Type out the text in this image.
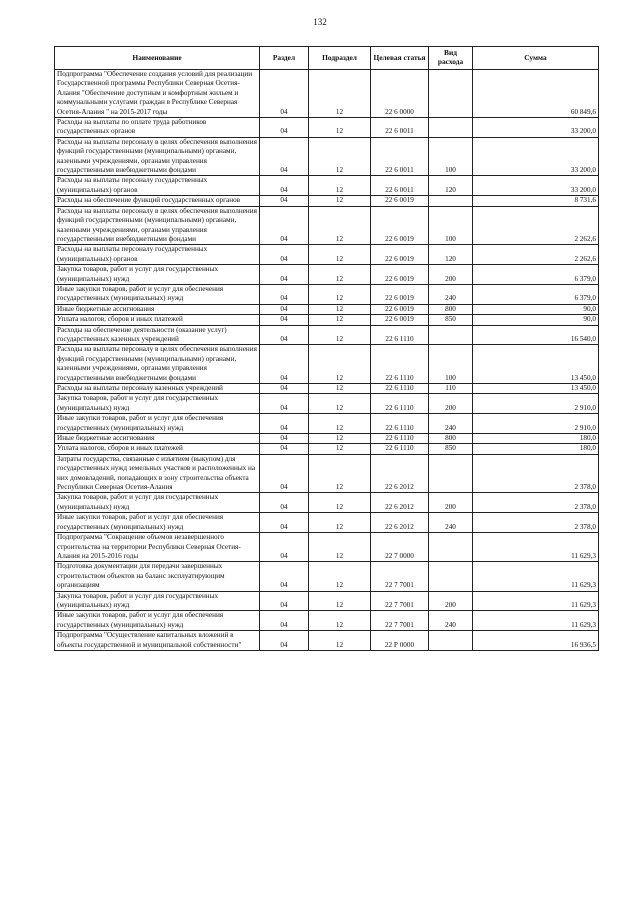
132
Наименование	Раздел	Подраздел	Целевая статья	Вид расхода	Сумма
Подпрограмма "Обеспечение создания условий для реализации Государственной программы Республики Северная Осетия-Алания "Обеспечение доступным и комфортным жильем и коммунальными услугами граждан в Республике Северная Осетия-Алания " на 2015-2017 годы	04	12	22 6 0000		60 849,6
Расходы на выплаты по оплате труда работников государственных органов	04	12	22 6 0011		33 200,0
Расходы на выплаты персоналу в целях обеспечения выполнения функций государственными (муниципальными) органами, казенными учреждениями, органами управления государственными внебюджетными фондами	04	12	22 6 0011	100	33 200,0
Расходы на выплаты персоналу государственных (муниципальных) органов	04	12	22 6 0011	120	33 200,0
Расходы на обеспечение функций государственных органов	04	12	22 6 0019		8 731,6
Расходы на выплаты персоналу в целях обеспечения выполнения функций государственными (муниципальными) органами, казенными учреждениями, органами управления государственными внебюджетными фондами	04	12	22 6 0019	100	2 262,6
Расходы на выплаты персоналу государственных (муниципальных) органов	04	12	22 6 0019	120	2 262,6
Закупка товаров, работ и услуг для государственных (муниципальных) нужд	04	12	22 6 0019	200	6 379,0
Иные закупки товаров, работ и услуг для обеспечения государственных (муниципальных) нужд	04	12	22 6 0019	240	6 379,0
Иные бюджетные ассигнования	04	12	22 6 0019	800	90,0
Уплата налогов, сборов и иных платежей	04	12	22 6 0019	850	90,0
Расходы на обеспечение деятельности (оказание услуг) государственных казенных учреждений	04	12	22 6 1110		16 540,0
Расходы на выплаты персоналу в целях обеспечения выполнения функций государственными (муниципальными) органами, казенными учреждениями, органами управления государственными внебюджетными фондами	04	12	22 6 1110	100	13 450,0
Расходы на выплаты персоналу казенных учреждений	04	12	22 6 1110	110	13 450,0
Закупка товаров, работ и услуг для государственных (муниципальных) нужд	04	12	22 6 1110	200	2 910,0
Иные закупки товаров, работ и услуг для обеспечения государственных (муниципальных) нужд	04	12	22 6 1110	240	2 910,0
Иные бюджетные ассигнования	04	12	22 6 1110	800	180,0
Уплата налогов, сборов и иных платежей	04	12	22 6 1110	850	180,0
Затраты государства, связанные с изъятием (выкупом) для государственных нужд земельных участков и расположенных на них домовладений, попадающих в зону строительства объекта Республики Северная Осетия-Алания	04	12	22 6 2012		2 378,0
Закупка товаров, работ и услуг для государственных (муниципальных) нужд	04	12	22 6 2012	200	2 378,0
Иные закупки товаров, работ и услуг для обеспечения государственных (муниципальных) нужд	04	12	22 6 2012	240	2 378,0
Подпрограмма "Сокращение объемов незавершенного строительства на территории Республики Северная Осетия-Алания на 2015-2016 годы	04	12	22 7 0000		11 629,3
Подготовка документации для передачи завершенных строительством объектов на баланс эксплуатирующим организациям	04	12	22 7 7001		11 629,3
Закупка товаров, работ и услуг для государственных (муниципальных) нужд	04	12	22 7 7001	200	11 629,3
Иные закупки товаров, работ и услуг для обеспечения государственных (муниципальных) нужд	04	12	22 7 7001	240	11 629,3
Подпрограмма "Осуществление капитальных вложений в объекты государственной и муниципальной собственности"	04	12	22 Р 0000		16 936,5
